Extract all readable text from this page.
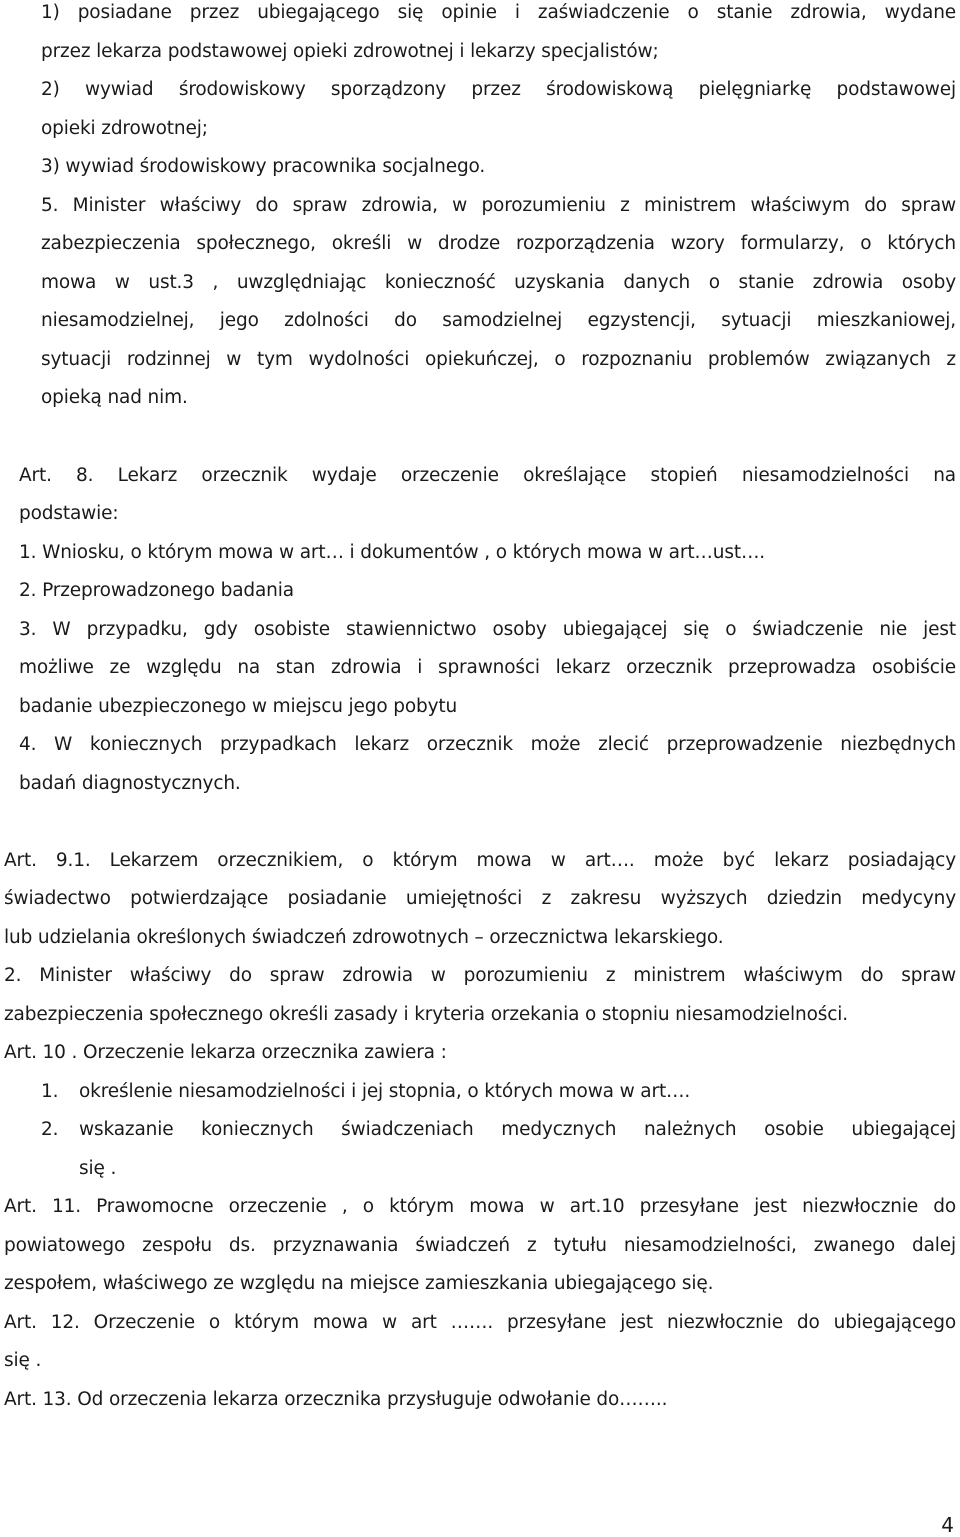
1) posiadane przez ubiegającego się opinie i zaświadczenie o stanie zdrowia, wydane
przez lekarza podstawowej opieki zdrowotnej i lekarzy specjalistów;
2) wywiad środowiskowy sporządzony przez środowiskową pielęgniarkę podstawowej
opieki zdrowotnej;
3) wywiad środowiskowy pracownika socjalnego.
5. Minister właściwy do spraw zdrowia, w porozumieniu z ministrem właściwym do spraw
zabezpieczenia społecznego, określi w drodze rozporządzenia wzory formularzy, o których
mowa w ust.3 , uwzględniając konieczność uzyskania danych o stanie zdrowia osoby
niesamodzielnej, jego zdolności do samodzielnej egzystencji, sytuacji mieszkaniowej,
sytuacji rodzinnej w tym wydolności opiekuńczej, o rozpoznaniu problemów związanych z
opieką nad nim.
Art. 8. Lekarz orzecznik wydaje orzeczenie określające stopień niesamodzielności na
podstawie:
1. Wniosku, o którym mowa w art… i dokumentów , o których mowa w art…ust….
2. Przeprowadzonego badania
3. W przypadku, gdy osobiste stawiennictwo osoby ubiegającej się o świadczenie nie jest
możliwe ze względu na stan zdrowia i sprawności lekarz orzecznik przeprowadza osobiście
badanie ubezpieczonego w miejscu jego pobytu
4. W koniecznych przypadkach lekarz orzecznik może zlecić przeprowadzenie niezbędnych
badań diagnostycznych.
Art. 9.1. Lekarzem orzecznikiem, o którym mowa w art…. może być lekarz posiadający
świadectwo potwierdzające posiadanie umiejętności z zakresu wyższych dziedzin medycyny
lub udzielania określonych świadczeń zdrowotnych – orzecznictwa lekarskiego.
2. Minister właściwy do spraw zdrowia w porozumieniu z ministrem właściwym do spraw
zabezpieczenia społecznego określi zasady i kryteria orzekania o stopniu niesamodzielności.
Art. 10 . Orzeczenie lekarza orzecznika zawiera :
1. określenie niesamodzielności i jej stopnia, o których mowa w art….
2. wskazanie koniecznych świadczeniach medycznych należnych osobie ubiegającej
się .
Art. 11. Prawomocne orzeczenie , o którym mowa w art.10 przesyłane jest niezwłocznie do
powiatowego zespołu ds. przyznawania świadczeń z tytułu niesamodzielności, zwanego dalej
zespołem, właściwego ze względu na miejsce zamieszkania ubiegającego się.
Art. 12. Orzeczenie o którym mowa w art ……. przesyłane jest niezwłocznie do ubiegającego
się .
Art. 13. Od orzeczenia lekarza orzecznika przysługuje odwołanie do……..
4
